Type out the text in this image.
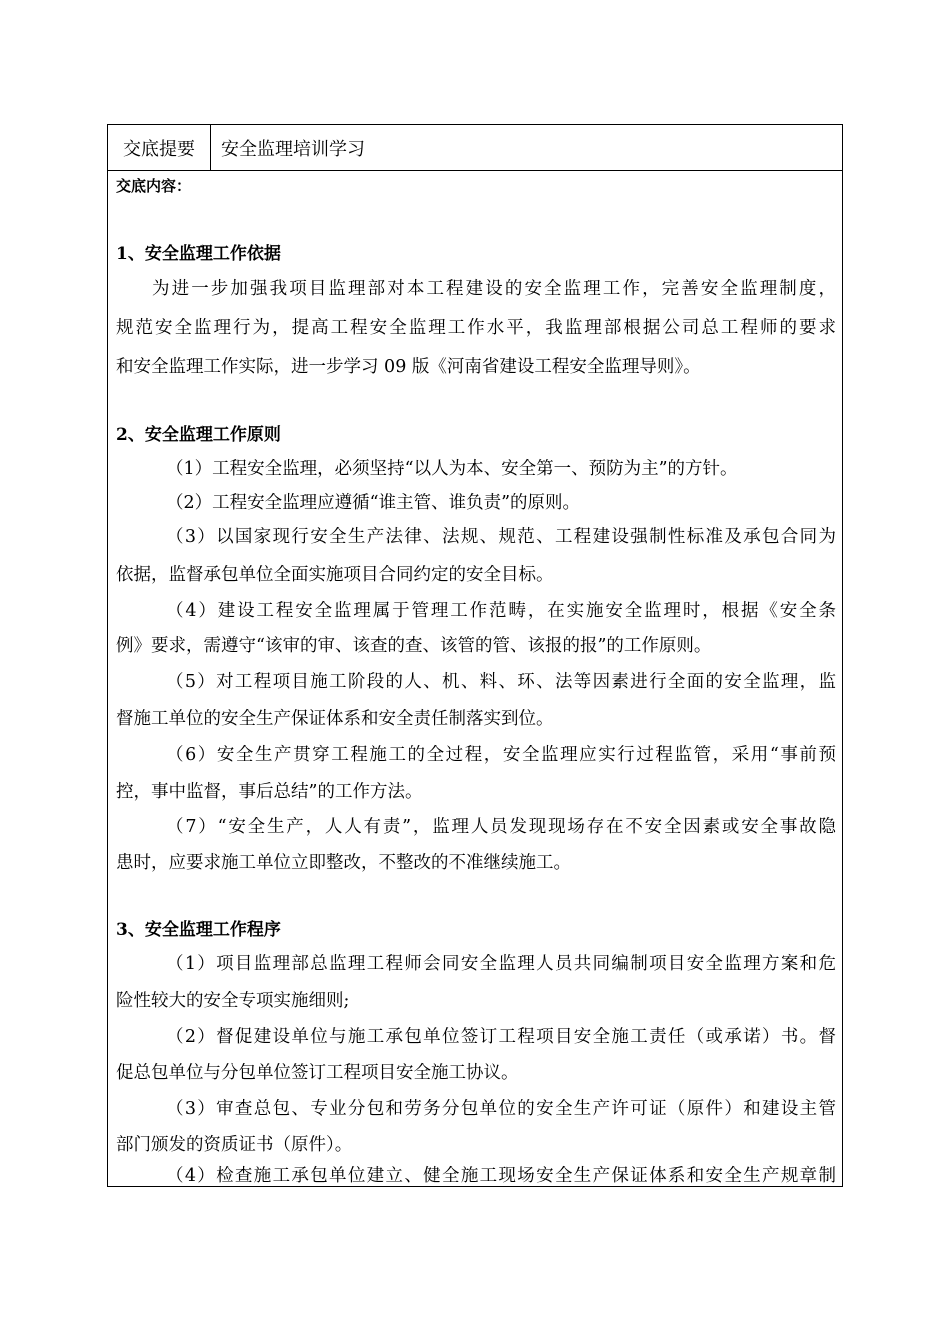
交底提要	安全监理培训学习
交底内容：
1、安全监理工作依据
为进一步加强我项目监理部对本工程建设的安全监理工作，完善安全监理制度，
规范安全监理行为，提高工程安全监理工作水平，我监理部根据公司总工程师的要求
和安全监理工作实际，进一步学习 09 版《河南省建设工程安全监理导则》。
2、安全监理工作原则
（1）工程安全监理，必须坚持“以人为本、安全第一、预防为主”的方针。
（2）工程安全监理应遵循“谁主管、谁负责”的原则。
（3）以国家现行安全生产法律、法规、规范、工程建设强制性标准及承包合同为
依据，监督承包单位全面实施项目合同约定的安全目标。
（4）建设工程安全监理属于管理工作范畴，在实施安全监理时，根据《安全条
例》要求，需遵守“该审的审、该查的查、该管的管、该报的报”的工作原则。
（5）对工程项目施工阶段的人、机、料、环、法等因素进行全面的安全监理，监
督施工单位的安全生产保证体系和安全责任制落实到位。
（6）安全生产贯穿工程施工的全过程，安全监理应实行过程监管，采用“事前预
控，事中监督，事后总结”的工作方法。
（7）“安全生产，人人有责”，监理人员发现现场存在不安全因素或安全事故隐
患时，应要求施工单位立即整改，不整改的不准继续施工。
3、安全监理工作程序
（1）项目监理部总监理工程师会同安全监理人员共同编制项目安全监理方案和危
险性较大的安全专项实施细则;
（2）督促建设单位与施工承包单位签订工程项目安全施工责任（或承诺）书。督
促总包单位与分包单位签订工程项目安全施工协议。
（3）审查总包、专业分包和劳务分包单位的安全生产许可证（原件）和建设主管
部门颁发的资质证书（原件）。
（4）检查施工承包单位建立、健全施工现场安全生产保证体系和安全生产规章制
